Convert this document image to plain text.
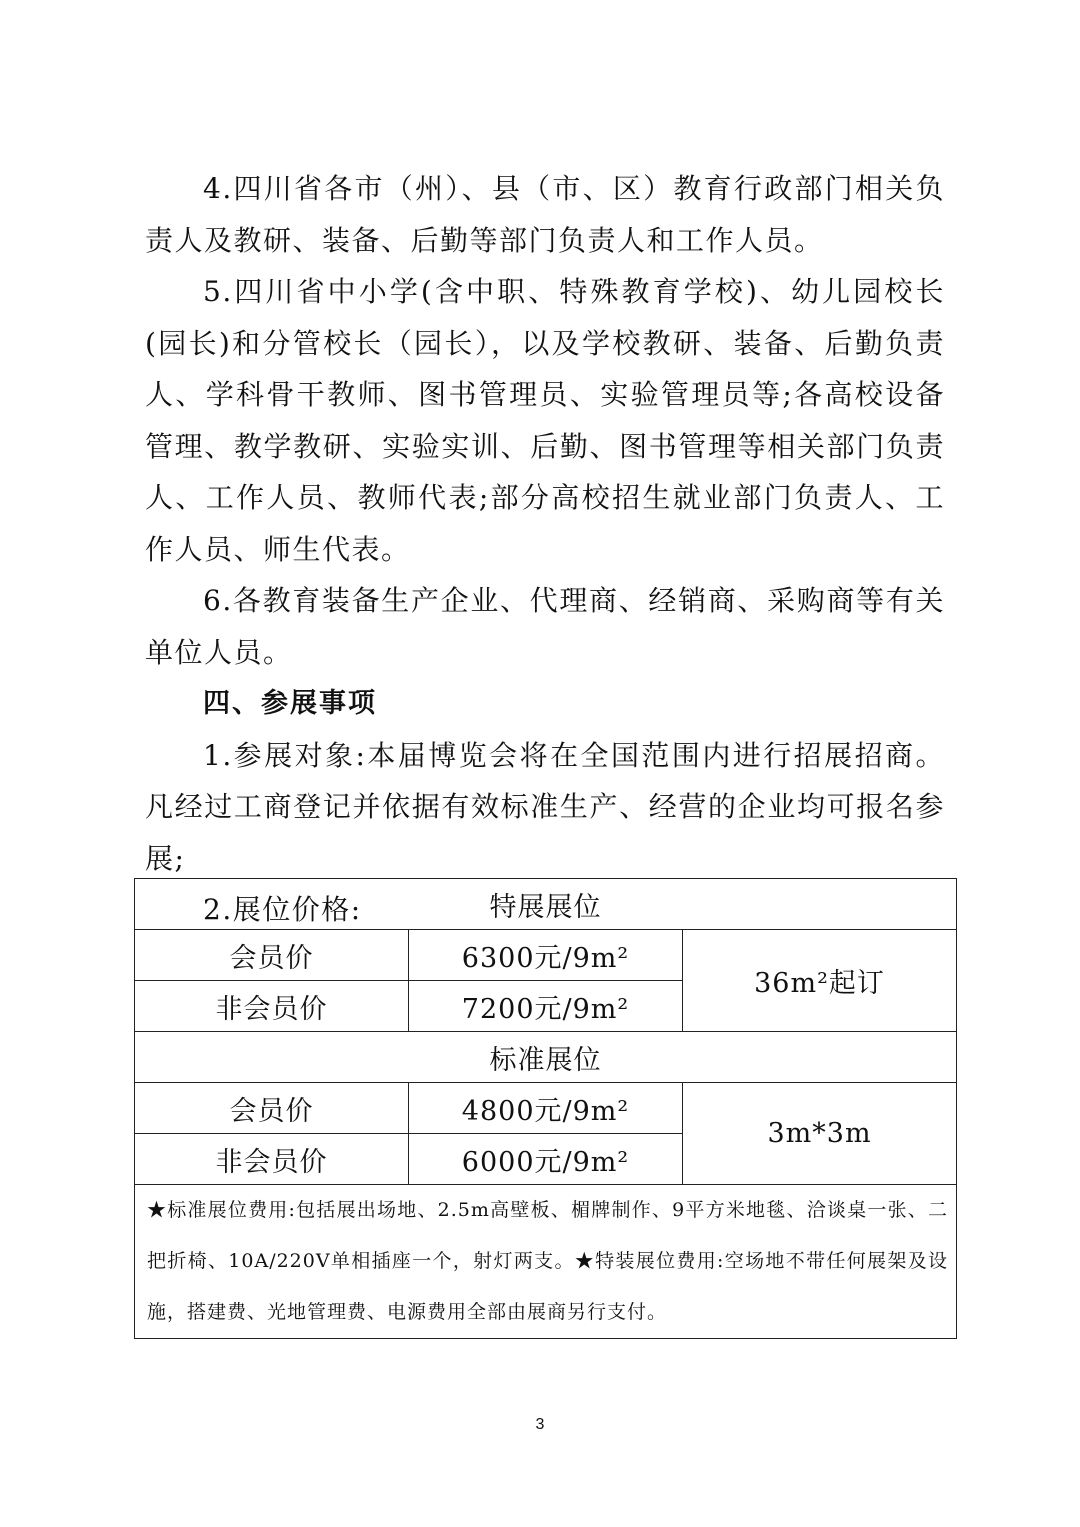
4.四川省各市（州）、县（市、区）教育行政部门相关负责人及教研、装备、后勤等部门负责人和工作人员。

5.四川省中小学(含中职、特殊教育学校)、幼儿园校长(园长)和分管校长（园长），以及学校教研、装备、后勤负责人、学科骨干教师、图书管理员、实验管理员等;各高校设备管理、教学教研、实验实训、后勤、图书管理等相关部门负责人、工作人员、教师代表;部分高校招生就业部门负责人、工作人员、师生代表。

6.各教育装备生产企业、代理商、经销商、采购商等有关单位人员。

四、参展事项

1.参展对象:本届博览会将在全国范围内进行招展招商。凡经过工商登记并依据有效标准生产、经营的企业均可报名参展;

2.展位价格:	特展展位		
会员价	6300元/9m²	36m²起订
非会员价	7200元/9m²	
标准展位		
会员价	4800元/9m²	3m*3m
非会员价	6000元/9m²	
★标准展位费用:包括展出场地、2.5m高壁板、楣牌制作、9平方米地毯、洽谈桌一张、二把折椅、10A/220V单相插座一个，射灯两支。★特装展位费用:空场地不带任何展架及设施，搭建费、光地管理费、电源费用全部由展商另行支付。		
3
